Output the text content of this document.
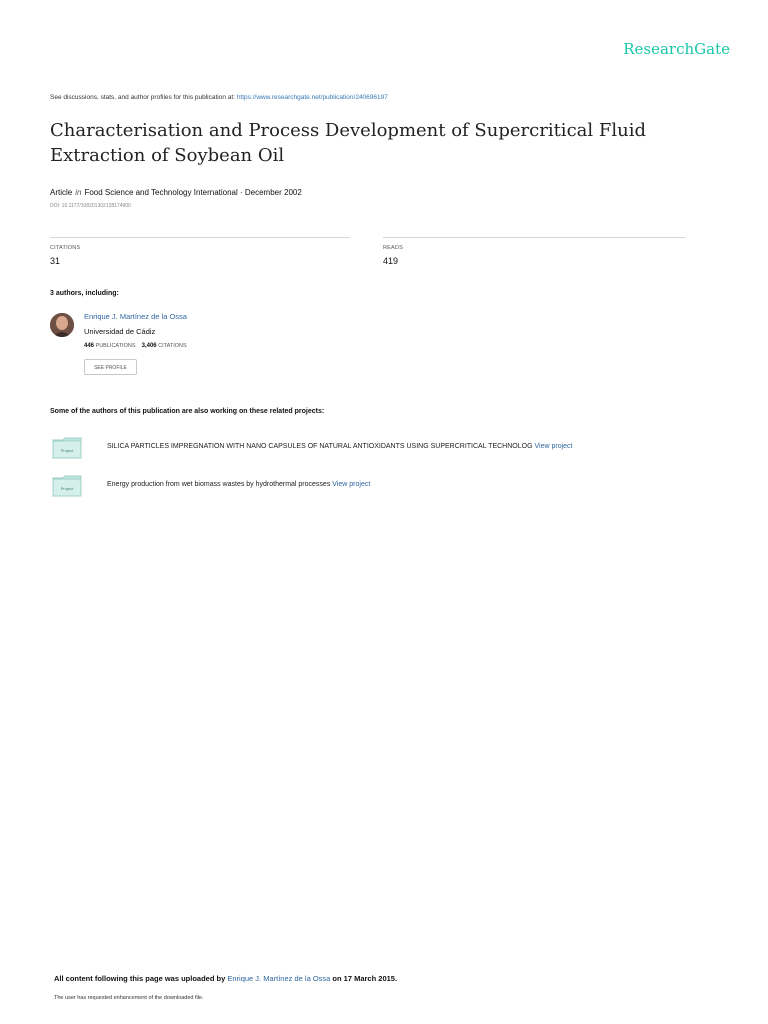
ResearchGate
See discussions, stats, and author profiles for this publication at: https://www.researchgate.net/publication/240696197
Characterisation and Process Development of Supercritical Fluid Extraction of Soybean Oil
Article in Food Science and Technology International · December 2002
DOI: 10.1177/108201302128174900
CITATIONS
31
READS
419
3 authors, including:
Enrique J. Martínez de la Ossa
Universidad de Cádiz
446 PUBLICATIONS 3,406 CITATIONS
SEE PROFILE
Some of the authors of this publication are also working on these related projects:
Project
SILICA PARTICLES IMPREGNATION WITH NANO CAPSULES OF NATURAL ANTIOXIDANTS USING SUPERCRITICAL TECHNOLOG View project
Project
Energy production from wet biomass wastes by hydrothermal processes View project
All content following this page was uploaded by Enrique J. Martínez de la Ossa on 17 March 2015.
The user has requested enhancement of the downloaded file.
